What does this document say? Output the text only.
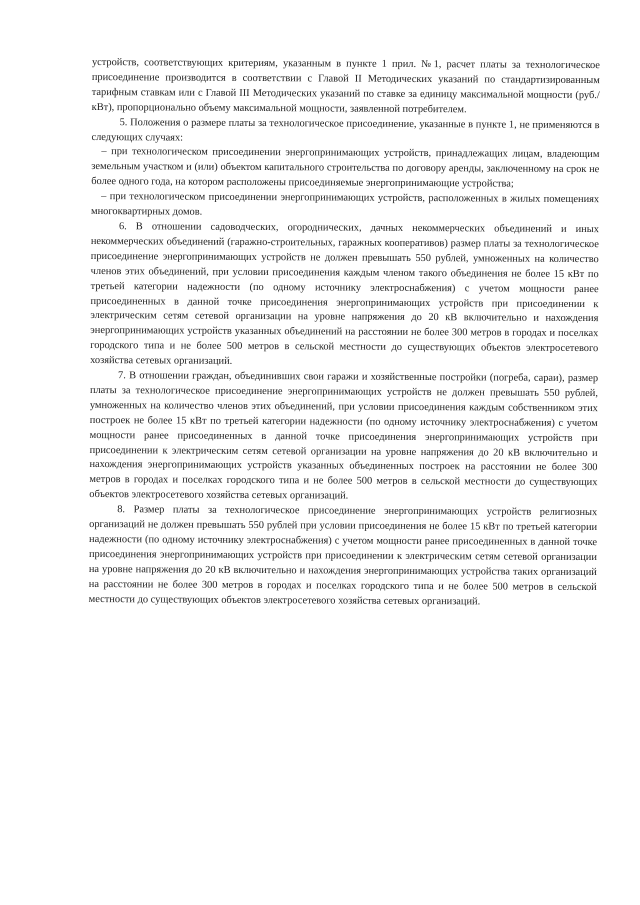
устройств, соответствующих критериям, указанным в пункте 1 прил. №1, расчет платы за технологическое присоединение производится в соответствии с Главой II Методических указаний по стандартизированным тарифным ставкам или с Главой III Методических указаний по ставке за единицу максимальной мощности (руб./ кВт), пропорционально объему максимальной мощности, заявленной потребителем.

5. Положения о размере платы за технологическое присоединение, указанные в пункте 1, не применяются в следующих случаях:

– при технологическом присоединении энергопринимающих устройств, принадлежащих лицам, владеющим земельным участком и (или) объектом капитального строительства по договору аренды, заключенному на срок не более одного года, на котором расположены присоединяемые энергопринимающие устройства;

– при технологическом присоединении энергопринимающих устройств, расположенных в жилых помещениях многоквартирных домов.

6. В отношении садоводческих, огороднических, дачных некоммерческих объединений и иных некоммерческих объединений (гаражно-строительных, гаражных кооперативов) размер платы за технологическое присоединение энергопринимающих устройств не должен превышать 550 рублей, умноженных на количество членов этих объединений, при условии присоединения каждым членом такого объединения не более 15 кВт по третьей категории надежности (по одному источнику электроснабжения) с учетом мощности ранее присоединенных в данной точке присоединения энергопринимающих устройств при присоединении к электрическим сетям сетевой организации на уровне напряжения до 20 кВ включительно и нахождения энергопринимающих устройств указанных объединений на расстоянии не более 300 метров в городах и поселках городского типа и не более 500 метров в сельской местности до существующих объектов электросетевого хозяйства сетевых организаций.

7. В отношении граждан, объединивших свои гаражи и хозяйственные постройки (погреба, сараи), размер платы за технологическое присоединение энергопринимающих устройств не должен превышать 550 рублей, умноженных на количество членов этих объединений, при условии присоединения каждым собственником этих построек не более 15 кВт по третьей категории надежности (по одному источнику электроснабжения) с учетом мощности ранее присоединенных в данной точке присоединения энергопринимающих устройств при присоединении к электрическим сетям сетевой организации на уровне напряжения до 20 кВ включительно и нахождения энергопринимающих устройств указанных объединенных построек на расстоянии не более 300 метров в городах и поселках городского типа и не более 500 метров в сельской местности до существующих объектов электросетевого хозяйства сетевых организаций.

8. Размер платы за технологическое присоединение энергопринимающих устройств религиозных организаций не должен превышать 550 рублей при условии присоединения не более 15 кВт по третьей категории надежности (по одному источнику электроснабжения) с учетом мощности ранее присоединенных в данной точке присоединения энергопринимающих устройств при присоединении к электрическим сетям сетевой организации на уровне напряжения до 20 кВ включительно и нахождения энергопринимающих устройства таких организаций на расстоянии не более 300 метров в городах и поселках городского типа и не более 500 метров в сельской местности до существующих объектов электросетевого хозяйства сетевых организаций.
